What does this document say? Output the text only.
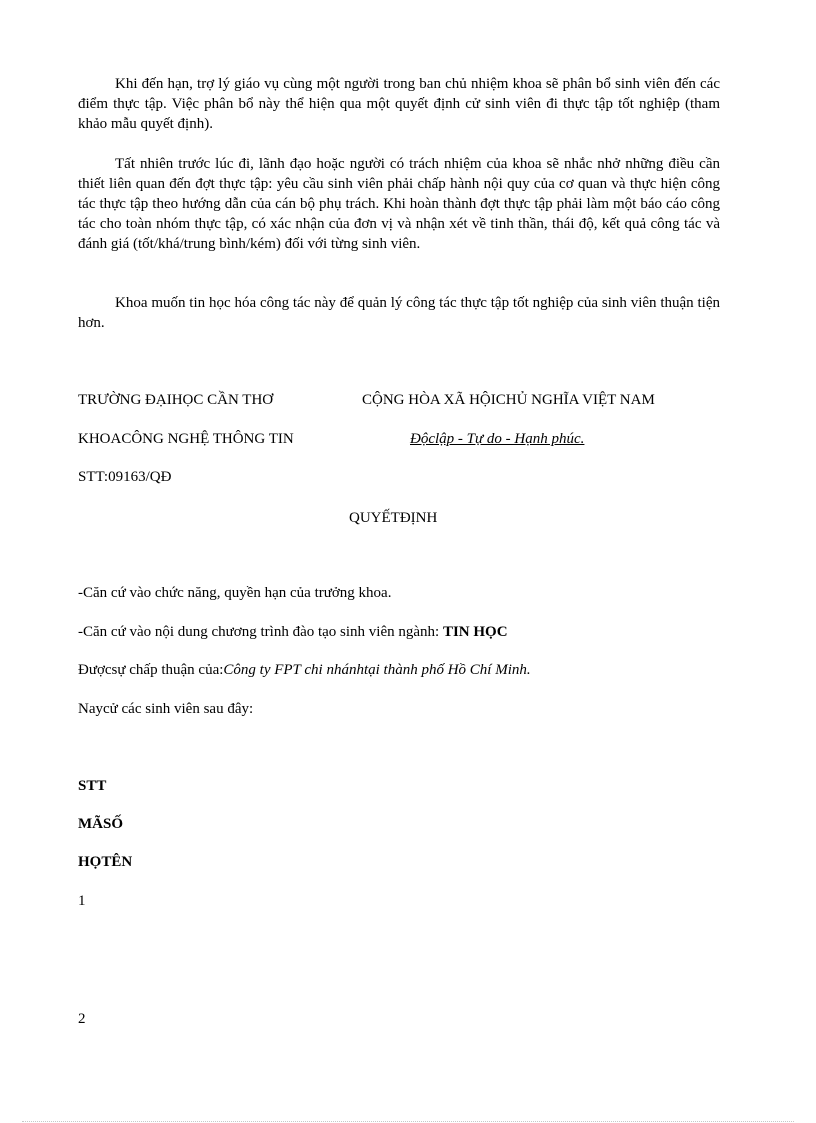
Khi đến hạn, trợ lý giáo vụ cùng một người trong ban chủ nhiệm khoa sẽ phân bổ sinh viên đến các điểm thực tập. Việc phân bổ này thể hiện qua một quyết định cử sinh viên đi thực tập tốt nghiệp (tham khảo mẫu quyết định).

Tất nhiên trước lúc đi, lãnh đạo hoặc người có trách nhiệm của khoa sẽ nhắc nhở những điều cần thiết liên quan đến đợt thực tập: yêu cầu sinh viên phải chấp hành nội quy của cơ quan và thực hiện công tác thực tập theo hướng dẫn của cán bộ phụ trách. Khi hoàn thành đợt thực tập phải làm một báo cáo công tác cho toàn nhóm thực tập, có xác nhận của đơn vị và nhận xét về tinh thần, thái độ, kết quả công tác và đánh giá (tốt/khá/trung bình/kém) đối với từng sinh viên.

Khoa muốn tin học hóa công tác này để quản lý công tác thực tập tốt nghiệp của sinh viên thuận tiện hơn.

TRƯỜNG ĐẠIHỌC CẦN THƠ	CỘNG HÒA XÃ HỘICHỦ NGHĨA VIỆT NAM
KHOACÔNG NGHỆ THÔNG TIN	Độclập - Tự do - Hạnh phúc.
STT:09163/QĐ
QUYẾTĐỊNH
-Căn cứ vào chức năng, quyền hạn của trưởng khoa.
-Căn cứ vào nội dung chương trình đào tạo sinh viên ngành: TIN HỌC
Đượcsự chấp thuận của:Công ty FPT chi nhánhtại thành phố Hồ Chí Minh.
Naycử các sinh viên sau đây:
STT
MÃSỐ
HỌTÊN
1
2
